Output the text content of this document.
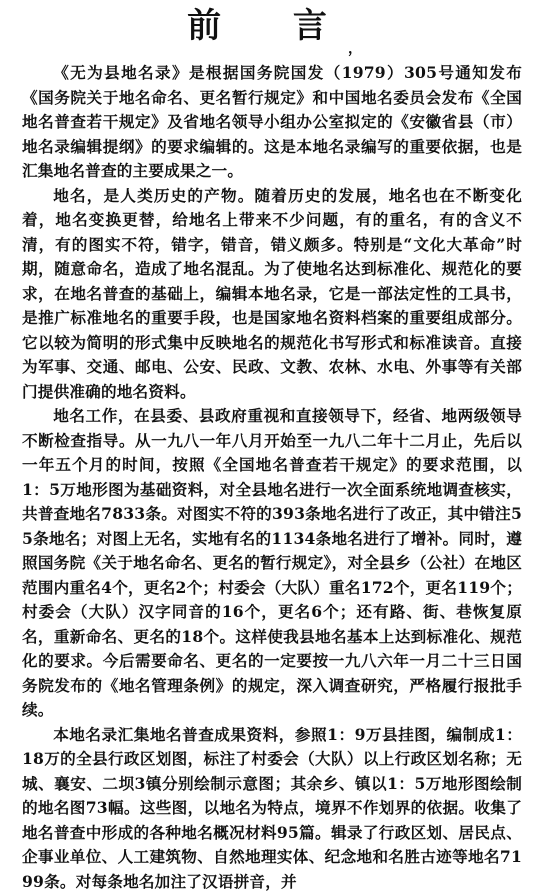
前 言
，

《无为县地名录》是根据国务院国发（1979）305号通知发布《国务院关于地名命名、更名暂行规定》和中国地名委员会发布《全国地名普查若干规定》及省地名领导小组办公室拟定的《安徽省县（市）地名录编辑提纲》的要求编辑的。这是本地名录编写的重要依据，也是汇集地名普查的主要成果之一。

地名，是人类历史的产物。随着历史的发展，地名也在不断变化着，地名变换更替，给地名上带来不少问题，有的重名，有的含义不清，有的图实不符，错字，错音，错义颇多。特别是“文化大革命”时期，随意命名，造成了地名混乱。为了使地名达到标准化、规范化的要求，在地名普查的基础上，编辑本地名录，它是一部法定性的工具书，是推广标准地名的重要手段，也是国家地名资料档案的重要组成部分。它以较为简明的形式集中反映地名的规范化书写形式和标准读音。直接为军事、交通、邮电、公安、民政、文教、农林、水电、外事等有关部门提供准确的地名资料。

地名工作，在县委、县政府重视和直接领导下，经省、地两级领导不断检查指导。从一九八一年八月开始至一九八二年十二月止，先后以一年五个月的时间，按照《全国地名普查若干规定》的要求范围，以1：5万地形图为基础资料，对全县地名进行一次全面系统地调查核实，共普查地名7833条。对图实不符的393条地名进行了改正，其中错注55条地名；对图上无名，实地有名的1134条地名进行了增补。同时，遵照国务院《关于地名命名、更名的暂行规定》，对全县乡（公社）在地区范围内重名4个，更名2个；村委会（大队）重名172个，更名119个；村委会（大队）汉字同音的16个，更名6个；还有路、街、巷恢复原名，重新命名、更名的18个。这样使我县地名基本上达到标准化、规范化的要求。今后需要命名、更名的一定要按一九八六年一月二十三日国务院发布的《地名管理条例》的规定，深入调查研究，严格履行报批手续。

本地名录汇集地名普查成果资料，参照1：9万县挂图，编制成1：18万的全县行政区划图，标注了村委会（大队）以上行政区划名称；无城、襄安、二坝3镇分别绘制示意图；其余乡、镇以1：5万地形图绘制的地名图73幅。这些图，以地名为特点，境界不作划界的依据。收集了地名普查中形成的各种地名概况材料95篇。辑录了行政区划、居民点、企事业单位、人工建筑物、自然地理实体、纪念地和名胜古迹等地名7199条。对每条地名加注了汉语拼音，并
